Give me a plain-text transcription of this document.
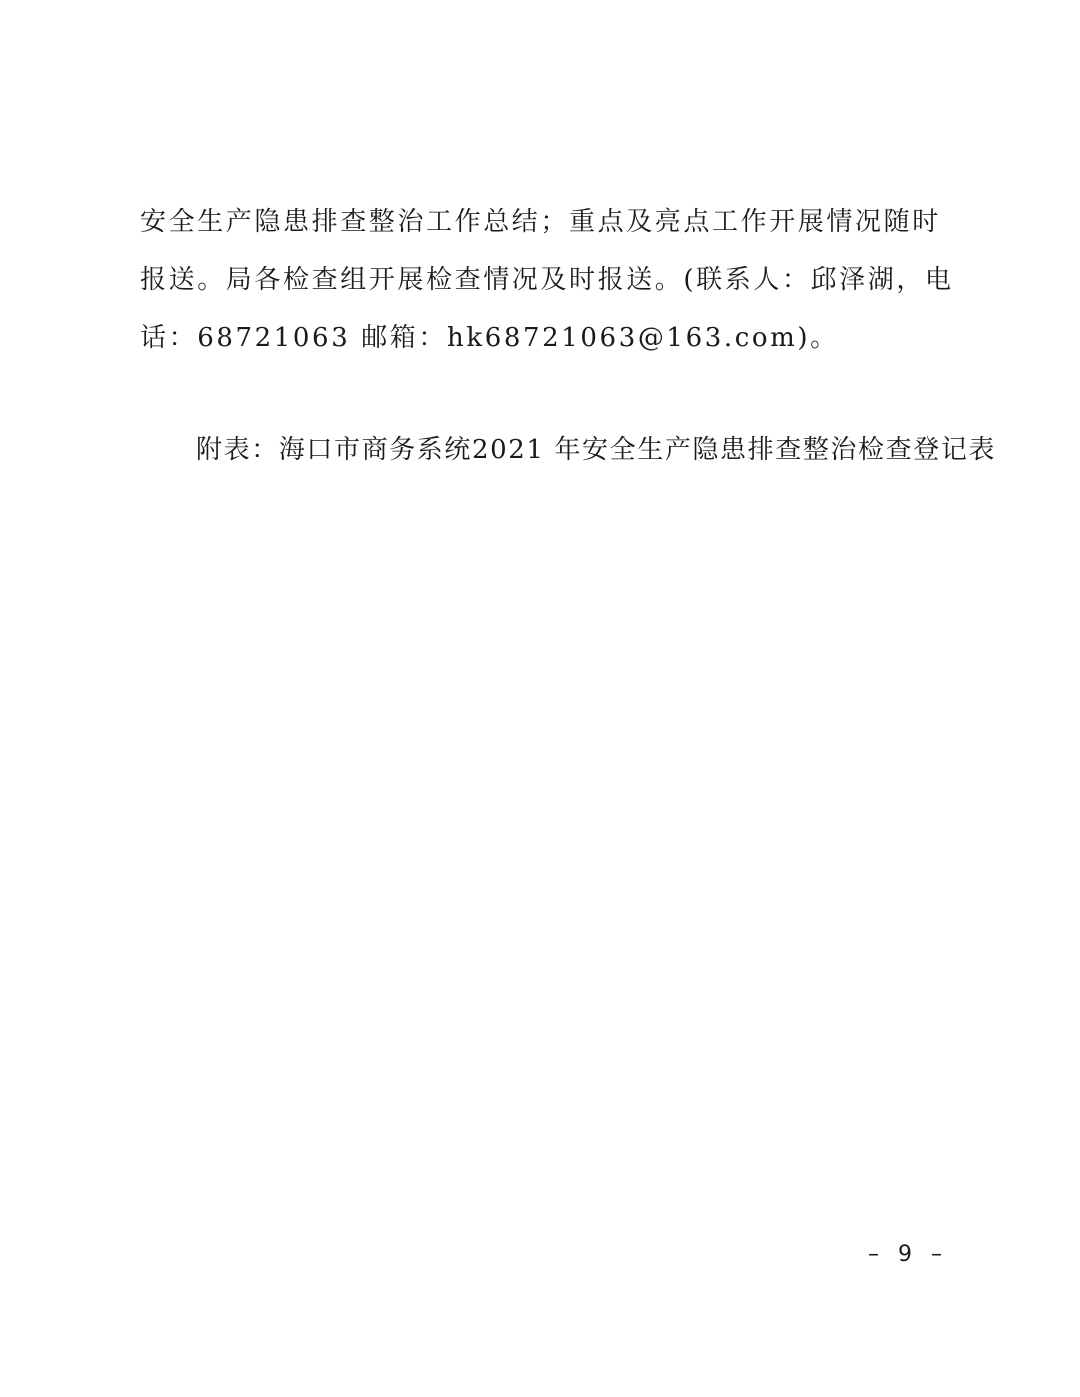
安全生产隐患排查整治工作总结；重点及亮点工作开展情况随时
报送。局各检查组开展检查情况及时报送。(联系人：邱泽湖，电
话：68721063 邮箱：hk68721063@163.com)。
附表：海口市商务系统2021 年安全生产隐患排查整治检查登记表
– 9 –
